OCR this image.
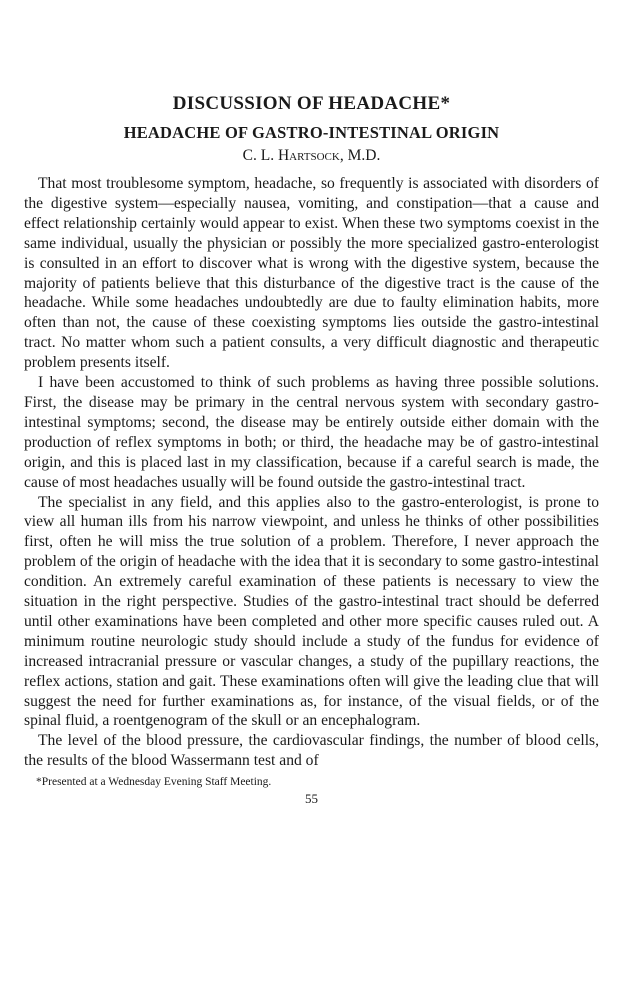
DISCUSSION OF HEADACHE*
HEADACHE OF GASTRO-INTESTINAL ORIGIN
C. L. Hartsock, M.D.

That most troublesome symptom, headache, so frequently is associated with disorders of the digestive system—especially nausea, vomiting, and constipation—that a cause and effect relationship certainly would appear to exist. When these two symptoms coexist in the same individual, usually the physician or possibly the more specialized gastro-enterologist is consulted in an effort to discover what is wrong with the digestive system, because the majority of patients believe that this disturbance of the digestive tract is the cause of the headache. While some headaches undoubtedly are due to faulty elimination habits, more often than not, the cause of these coexisting symptoms lies outside the gastro-intestinal tract. No matter whom such a patient consults, a very difficult diagnostic and therapeutic problem presents itself.

I have been accustomed to think of such problems as having three possible solutions. First, the disease may be primary in the central nervous system with secondary gastro-intestinal symptoms; second, the disease may be entirely outside either domain with the production of reflex symptoms in both; or third, the headache may be of gastro-intestinal origin, and this is placed last in my classification, because if a careful search is made, the cause of most headaches usually will be found outside the gastro-intestinal tract.

The specialist in any field, and this applies also to the gastro-enterologist, is prone to view all human ills from his narrow viewpoint, and unless he thinks of other possibilities first, often he will miss the true solution of a problem. Therefore, I never approach the problem of the origin of headache with the idea that it is secondary to some gastro-intestinal condition. An extremely careful examination of these patients is necessary to view the situation in the right perspective. Studies of the gastro-intestinal tract should be deferred until other examinations have been completed and other more specific causes ruled out. A minimum routine neurologic study should include a study of the fundus for evidence of increased intracranial pressure or vascular changes, a study of the pupillary reactions, the reflex actions, station and gait. These examinations often will give the leading clue that will suggest the need for further examinations as, for instance, of the visual fields, or of the spinal fluid, a roentgenogram of the skull or an encephalogram.

The level of the blood pressure, the cardiovascular findings, the number of blood cells, the results of the blood Wassermann test and of

*Presented at a Wednesday Evening Staff Meeting.
55
